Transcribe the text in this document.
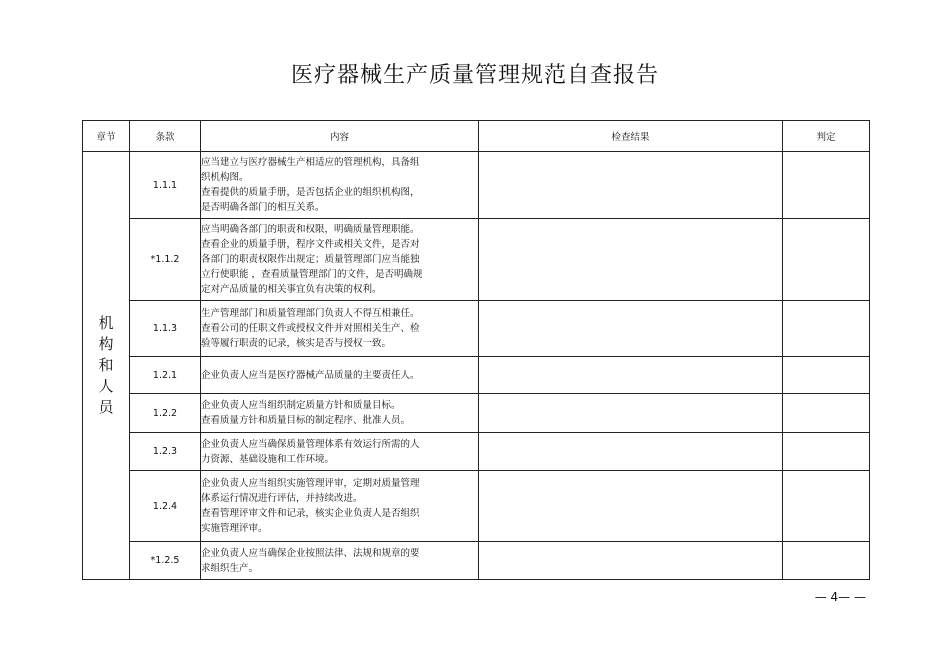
医疗器械生产质量管理规范自查报告
章节	条款	内容	检查结果	判定
机构和人员	1.1.1	应当建立与医疗器械生产相适应的管理机构，具备组
织机构图。
查看提供的质量手册，是否包括企业的组织机构图，
是否明确各部门的相互关系。		

	*1.1.2	应当明确各部门的职责和权限，明确质量管理职能。
查看企业的质量手册，程序文件或相关文件，是否对
各部门的职责权限作出规定；质量管理部门应当能独
立行使职能 ，查看质量管理部门的文件，是否明确规
定对产品质量的相关事宜负有决策的权利。		

	1.1.3	生产管理部门和质量管理部门负责人不得互相兼任。
查看公司的任职文件或授权文件并对照相关生产、检
验等履行职责的记录，核实是否与授权一致。		

	1.2.1	企业负责人应当是医疗器械产品质量的主要责任人。		

	1.2.2	企业负责人应当组织制定质量方针和质量目标。
查看质量方针和质量目标的制定程序、批准人员。		

	1.2.3	企业负责人应当确保质量管理体系有效运行所需的人
力资源、基础设施和工作环境。		

	1.2.4	企业负责人应当组织实施管理评审，定期对质量管理
体系运行情况进行评估，并持续改进。
查看管理评审文件和记录，核实企业负责人是否组织
实施管理评审。		

	*1.2.5	企业负责人应当确保企业按照法律、法规和规章的要
求组织生产。		

— 4— —
